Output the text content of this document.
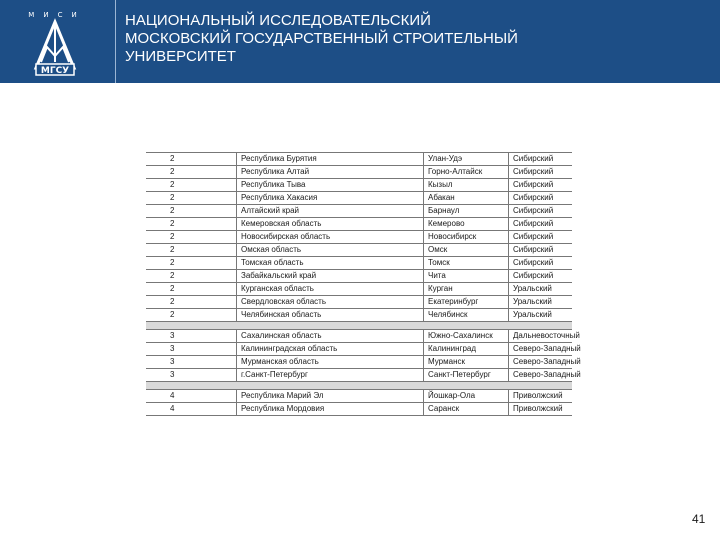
МИСИ
МГСУ
НАЦИОНАЛЬНЫЙ ИССЛЕДОВАТЕЛЬСКИЙ
МОСКОВСКИЙ ГОСУДАРСТВЕННЫЙ СТРОИТЕЛЬНЫЙ
УНИВЕРСИТЕТ
2	Республика Бурятия	Улан-Удэ	Сибирский
2	Республика Алтай	Горно-Алтайск	Сибирский
2	Республика Тыва	Кызыл	Сибирский
2	Республика Хакасия	Абакан	Сибирский
2	Алтайский край	Барнаул	Сибирский
2	Кемеровская область	Кемерово	Сибирский
2	Новосибирская область	Новосибирск	Сибирский
2	Омская область	Омск	Сибирский
2	Томская область	Томск	Сибирский
2	Забайкальский край	Чита	Сибирский
2	Курганская область	Курган	Уральский
2	Свердловская область	Екатеринбург	Уральский
2	Челябинская область	Челябинск	Уральский

3	Сахалинская область	Южно-Сахалинск	Дальневосточный
3	Калининградская область	Калининград	Северо-Западный
3	Мурманская область	Мурманск	Северо-Западный
3	г.Санкт-Петербург	Санкт-Петербург	Северо-Западный

4	Республика Марий Эл	Йошкар-Ола	Приволжский
4	Республика Мордовия	Саранск	Приволжский
41
